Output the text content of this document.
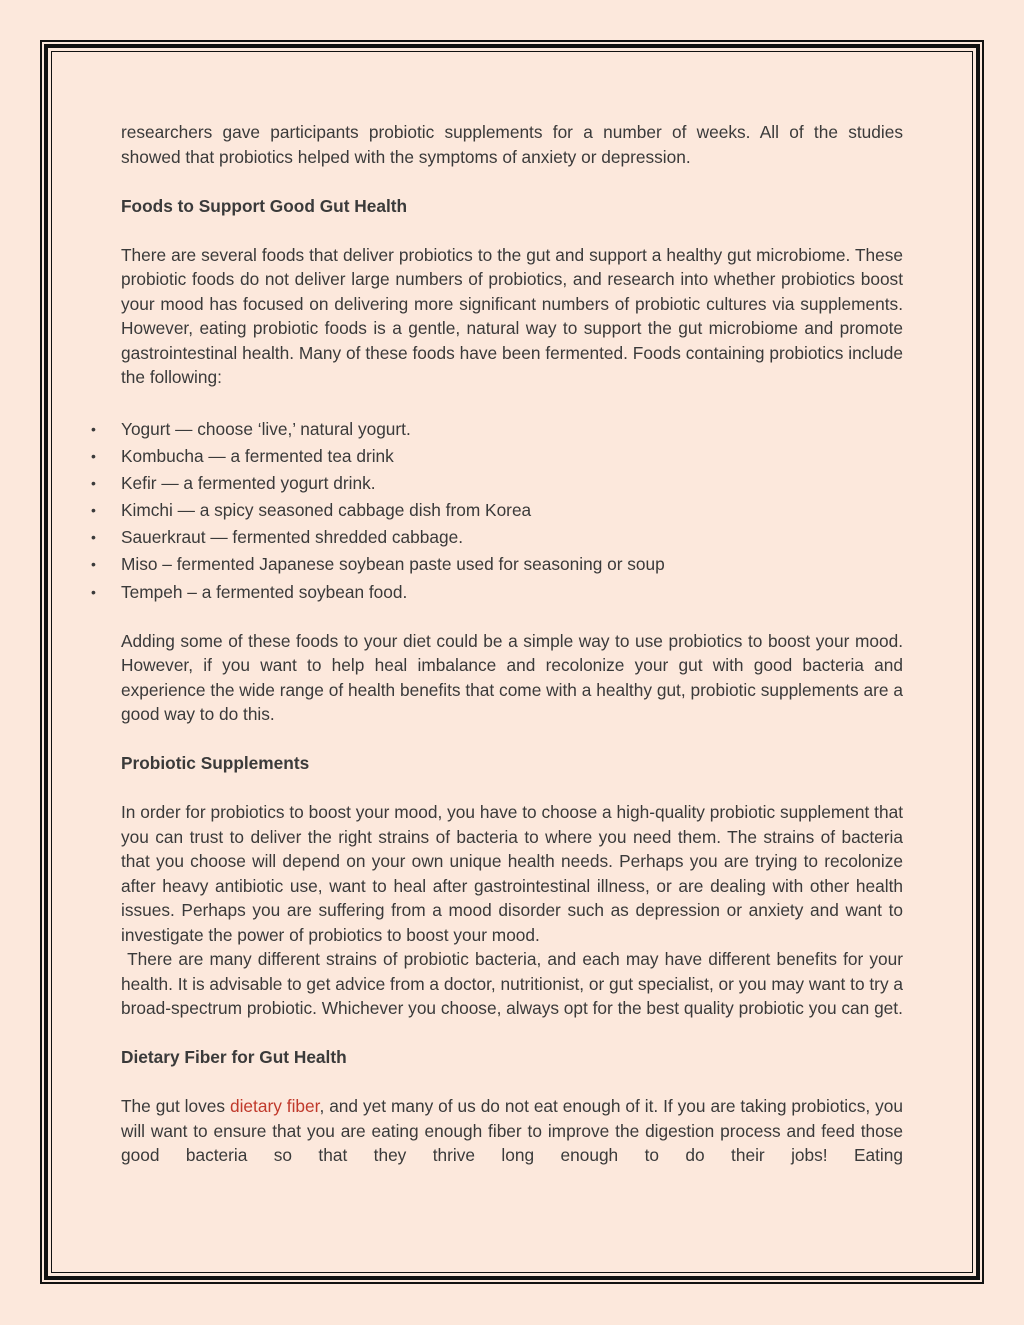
researchers gave participants probiotic supplements for a number of weeks. All of the studies

showed that probiotics helped with the symptoms of anxiety or depression.

Foods to Support Good Gut Health

There are several foods that deliver probiotics to the gut and support a healthy gut microbiome. These probiotic foods do not deliver large numbers of probiotics, and research into whether probiotics boost your mood has focused on delivering more significant numbers of probiotic cultures via supplements. However, eating probiotic foods is a gentle, natural way to support the gut microbiome and promote gastrointestinal health. Many of these foods have been fermented. Foods containing probiotics include the following:

• Yogurt — choose ‘live,’ natural yogurt.
• Kombucha — a fermented tea drink
• Kefir — a fermented yogurt drink.
• Kimchi — a spicy seasoned cabbage dish from Korea
• Sauerkraut — fermented shredded cabbage.
• Miso – fermented Japanese soybean paste used for seasoning or soup
• Tempeh – a fermented soybean food.

Adding some of these foods to your diet could be a simple way to use probiotics to boost your mood. However, if you want to help heal imbalance and recolonize your gut with good bacteria and experience the wide range of health benefits that come with a healthy gut, probiotic supplements are a good way to do this.

Probiotic Supplements

In order for probiotics to boost your mood, you have to choose a high-quality probiotic supplement that you can trust to deliver the right strains of bacteria to where you need them. The strains of bacteria that you choose will depend on your own unique health needs. Perhaps you are trying to recolonize after heavy antibiotic use, want to heal after gastrointestinal illness, or are dealing with other health issues. Perhaps you are suffering from a mood disorder such as depression or anxiety and want to investigate the power of probiotics to boost your mood.

There are many different strains of probiotic bacteria, and each may have different benefits for your health. It is advisable to get advice from a doctor, nutritionist, or gut specialist, or you may want to try a broad-spectrum probiotic. Whichever you choose, always opt for the best quality probiotic you can get.

Dietary Fiber for Gut Health

The gut loves dietary fiber, and yet many of us do not eat enough of it. If you are taking probiotics, you will want to ensure that you are eating enough fiber to improve the digestion process and feed those good bacteria so that they thrive long enough to do their jobs! Eating
